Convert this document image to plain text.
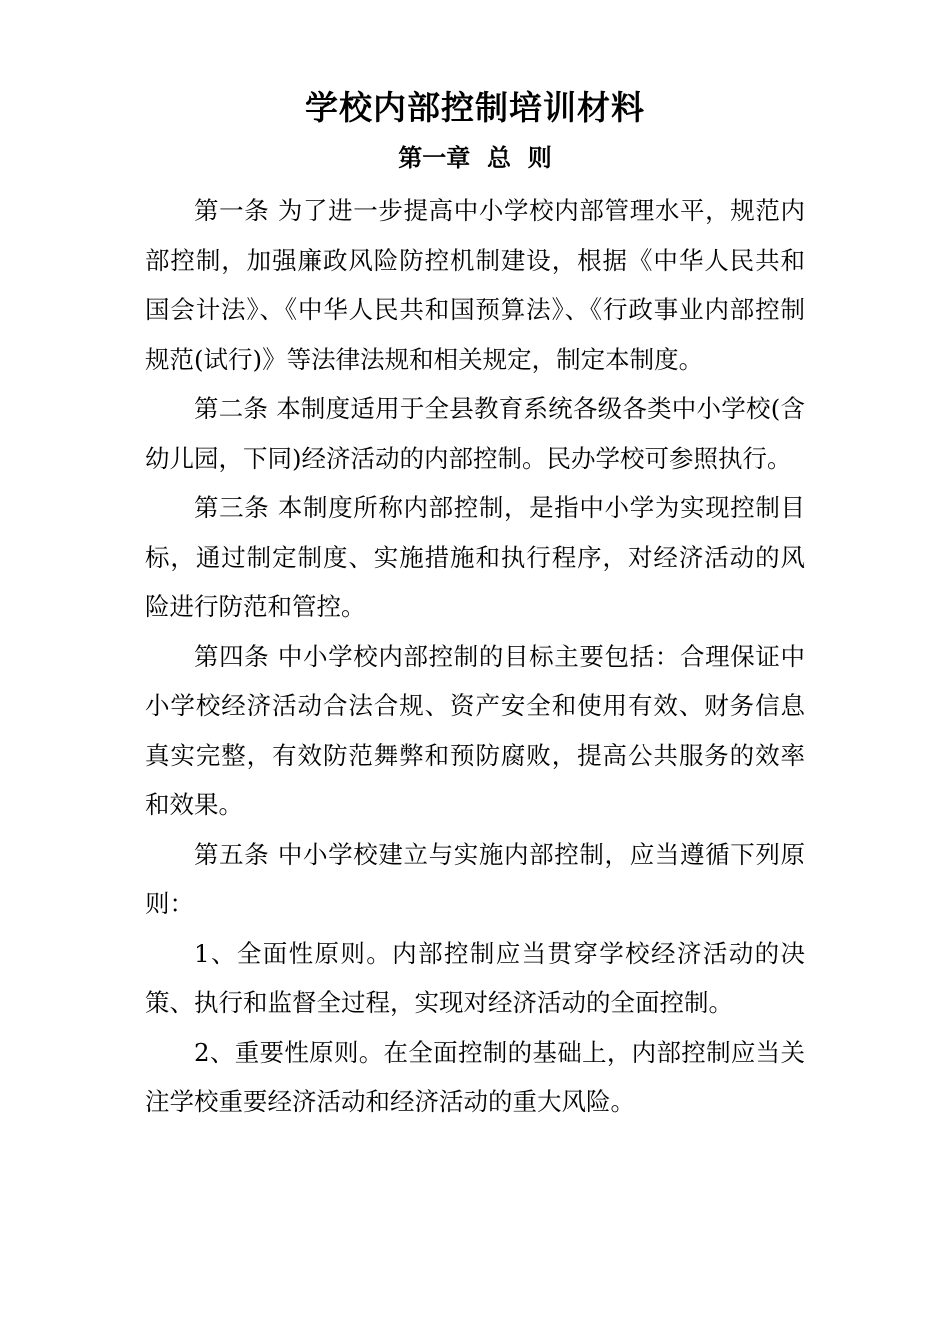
学校内部控制培训材料
第一章  总  则

第一条 为了进一步提高中小学校内部管理水平，规范内部控制，加强廉政风险防控机制建设，根据《中华人民共和国会计法》、《中华人民共和国预算法》、《行政事业内部控制规范(试行)》等法律法规和相关规定，制定本制度。

第二条 本制度适用于全县教育系统各级各类中小学校(含幼儿园，下同)经济活动的内部控制。民办学校可参照执行。

第三条 本制度所称内部控制，是指中小学为实现控制目标，通过制定制度、实施措施和执行程序，对经济活动的风险进行防范和管控。

第四条 中小学校内部控制的目标主要包括：合理保证中小学校经济活动合法合规、资产安全和使用有效、财务信息真实完整，有效防范舞弊和预防腐败，提高公共服务的效率和效果。

第五条 中小学校建立与实施内部控制，应当遵循下列原则：

1、全面性原则。内部控制应当贯穿学校经济活动的决策、执行和监督全过程，实现对经济活动的全面控制。

2、重要性原则。在全面控制的基础上，内部控制应当关注学校重要经济活动和经济活动的重大风险。
